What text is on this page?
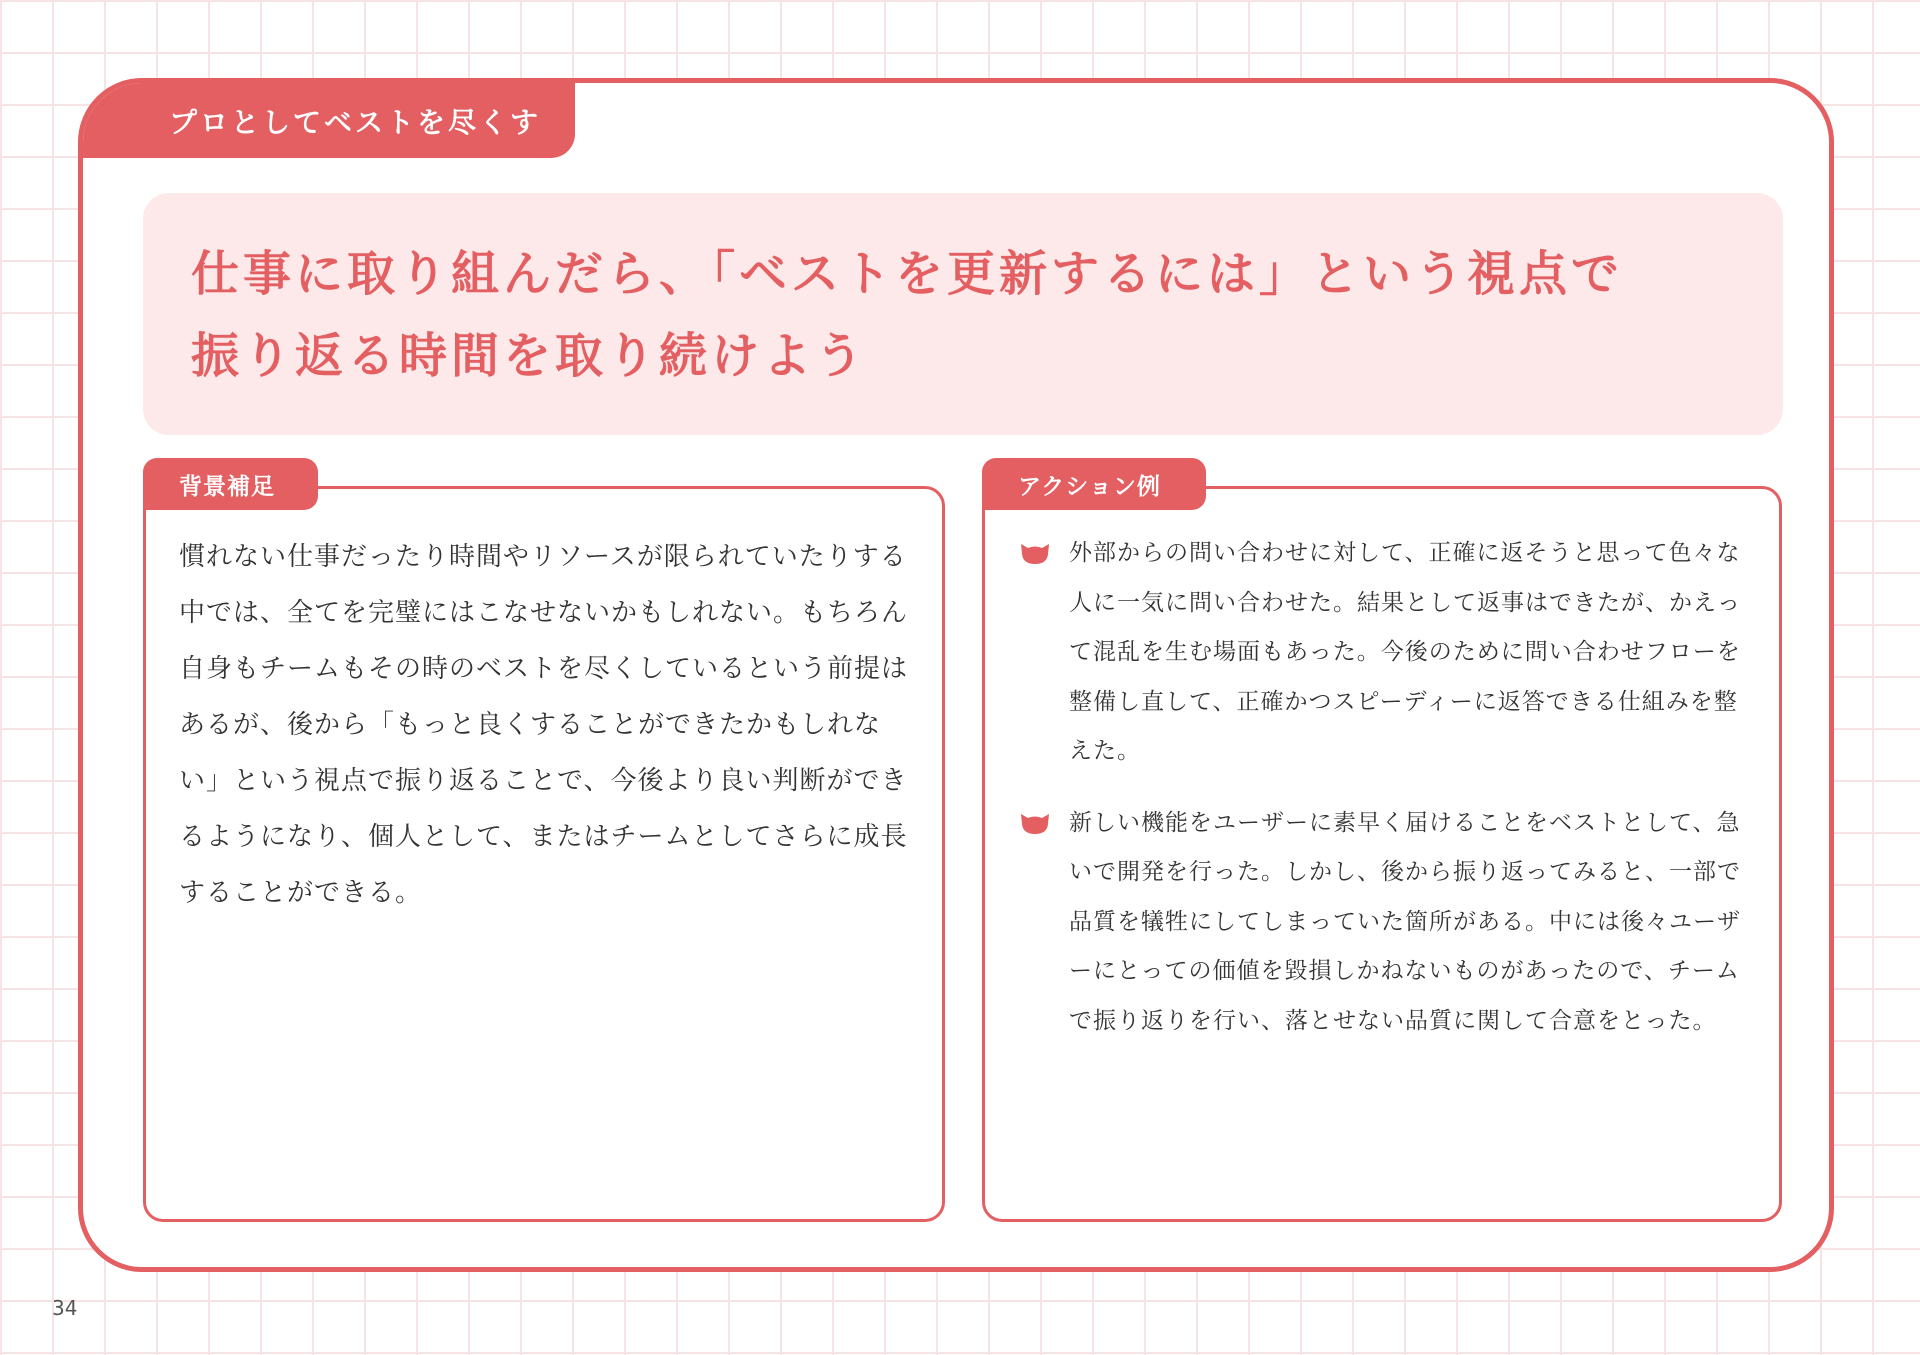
プロとしてベストを尽くす
仕事に取り組んだら、「ベストを更新するには」という視点で
振り返る時間を取り続けよう

慣れない仕事だったり時間やリソースが限られていたりする中では、全てを完璧にはこなせないかもしれない。もちろん自身もチームもその時のベストを尽くしているという前提はあるが、後から「もっと良くすることができたかもしれない」という視点で振り返ることで、今後より良い判断ができるようになり、個人として、またはチームとしてさらに成長することができる。

背景補足
外部からの問い合わせに対して、正確に返そうと思って色々な人に一気に問い合わせた。結果として返事はできたが、かえって混乱を生む場面もあった。今後のために問い合わせフローを整備し直して、正確かつスピーディーに返答できる仕組みを整えた。
新しい機能をユーザーに素早く届けることをベストとして、急いで開発を行った。しかし、後から振り返ってみると、一部で品質を犠牲にしてしまっていた箇所がある。中には後々ユーザーにとっての価値を毀損しかねないものがあったので、チームで振り返りを行い、落とせない品質に関して合意をとった。
アクション例
34
